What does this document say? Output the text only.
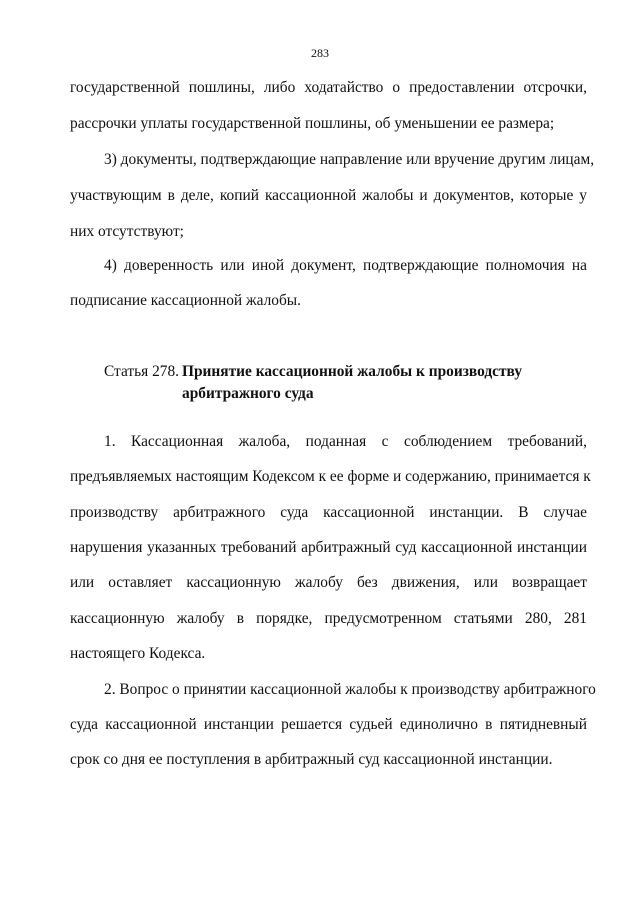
283
государственной пошлины, либо ходатайство о предоставлении отсрочки,
рассрочки уплаты государственной пошлины, об уменьшении ее размера;
3) документы, подтверждающие направление или вручение другим лицам,
участвующим в деле, копий кассационной жалобы и документов, которые у
них отсутствуют;
4) доверенность или иной документ, подтверждающие полномочия на
подписание кассационной жалобы.
Статья 278. Принятие кассационной жалобы к производству
арбитражного суда
1. Кассационная жалоба, поданная с соблюдением требований,
предъявляемых настоящим Кодексом к ее форме и содержанию, принимается к
производству арбитражного суда кассационной инстанции. В случае
нарушения указанных требований арбитражный суд кассационной инстанции
или оставляет кассационную жалобу без движения, или возвращает
кассационную жалобу в порядке, предусмотренном статьями 280, 281
настоящего Кодекса.
2. Вопрос о принятии кассационной жалобы к производству арбитражного
суда кассационной инстанции решается судьей единолично в пятидневный
срок со дня ее поступления в арбитражный суд кассационной инстанции.
